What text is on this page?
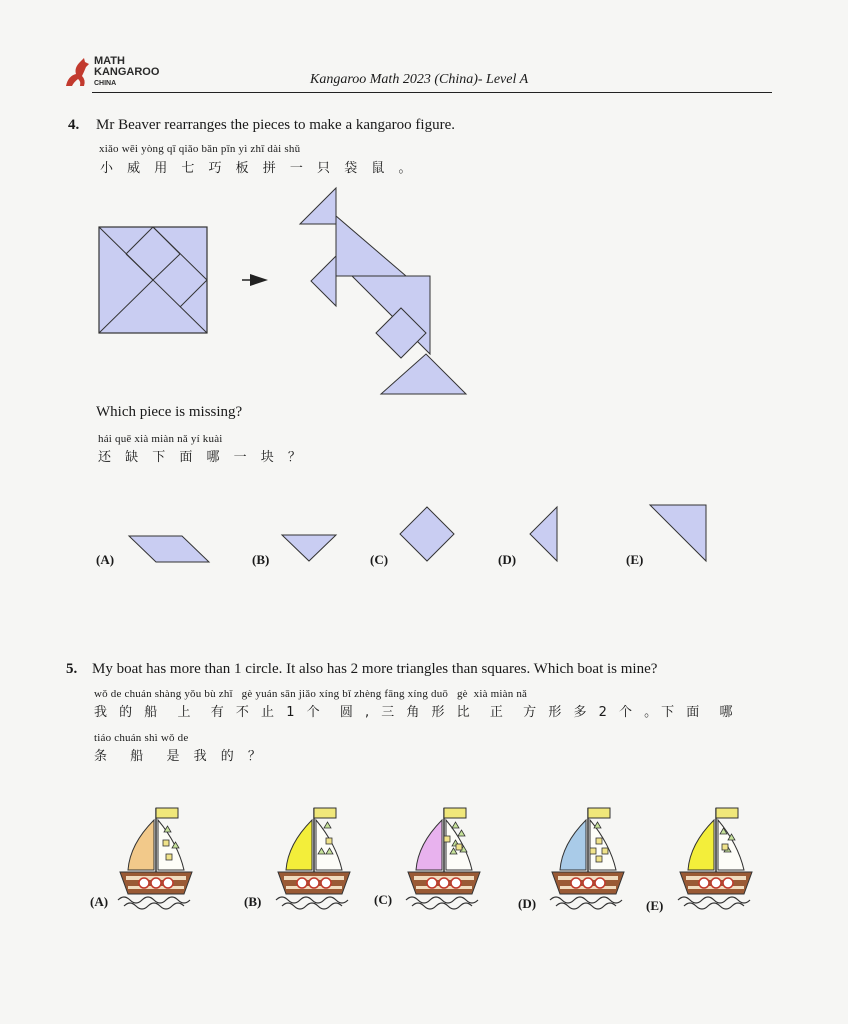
MATH
KANGAROO
CHINA	Kangaroo Math 2023 (China)- Level A
4. Mr Beaver rearranges the pieces to make a kangaroo figure.
xiǎo wēi yòng qī qiǎo bǎn pīn yì zhī dài shǔ
小 威 用 七 巧 板 拼 一 只 袋 鼠 。
Which piece is missing?
hái quē xià miàn nǎ yí kuài
还 缺 下 面 哪 一 块 ？
(A)	(B)	(C)	(D)	(E)
5. My boat has more than 1 circle. It also has 2 more triangles than squares. Which boat is mine?
wǒ de chuán shàng yǒu bù zhǐ   gè yuán sān jiǎo xíng bǐ zhèng fāng xíng duō   gè  xià miàn nǎ
我 的 船  上  有 不 止 1 个  圆 , 三 角 形 比  正  方 形 多 2 个 。下 面  哪
tiáo chuán shì wǒ de
条  船  是 我 的 ？
(A)	(B)	(C)	(D)	(E)
